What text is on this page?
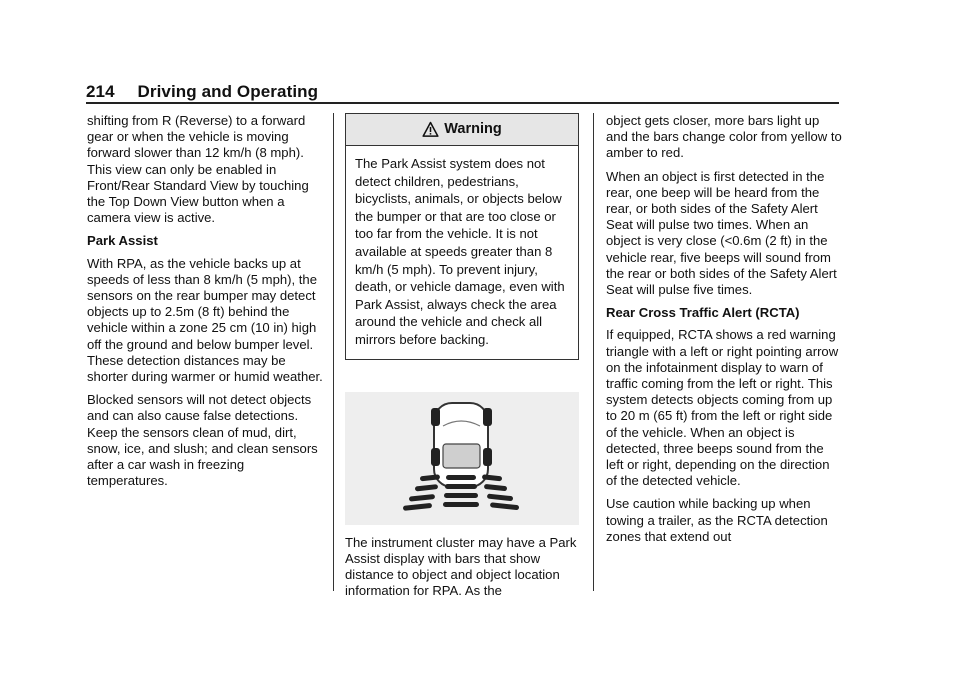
214 Driving and Operating

shifting from R (Reverse) to a forward gear or when the vehicle is moving forward slower than 12 km/h (8 mph). This view can only be enabled in Front/Rear Standard View by touching the Top Down View button when a camera view is active.

Park Assist

With RPA, as the vehicle backs up at speeds of less than 8 km/h (5 mph), the sensors on the rear bumper may detect objects up to 2.5m (8 ft) behind the vehicle within a zone 25 cm (10 in) high off the ground and below bumper level. These detection distances may be shorter during warmer or humid weather.

Blocked sensors will not detect objects and can also cause false detections. Keep the sensors clean of mud, dirt, snow, ice, and slush; and clean sensors after a car wash in freezing temperatures.

Warning
The Park Assist system does not detect children, pedestrians, bicyclists, animals, or objects below the bumper or that are too close or too far from the vehicle. It is not available at speeds greater than 8 km/h (5 mph). To prevent injury, death, or vehicle damage, even with Park Assist, always check the area around the vehicle and check all mirrors before backing.

The instrument cluster may have a Park Assist display with bars that show distance to object and object location information for RPA. As the

object gets closer, more bars light up and the bars change color from yellow to amber to red.

When an object is first detected in the rear, one beep will be heard from the rear, or both sides of the Safety Alert Seat will pulse two times. When an object is very close (<0.6m (2 ft) in the vehicle rear, five beeps will sound from the rear or both sides of the Safety Alert Seat will pulse five times.

Rear Cross Traffic Alert (RCTA)

If equipped, RCTA shows a red warning triangle with a left or right pointing arrow on the infotainment display to warn of traffic coming from the left or right. This system detects objects coming from up to 20 m (65 ft) from the left or right side of the vehicle. When an object is detected, three beeps sound from the left or right, depending on the direction of the detected vehicle.

Use caution while backing up when towing a trailer, as the RCTA detection zones that extend out
